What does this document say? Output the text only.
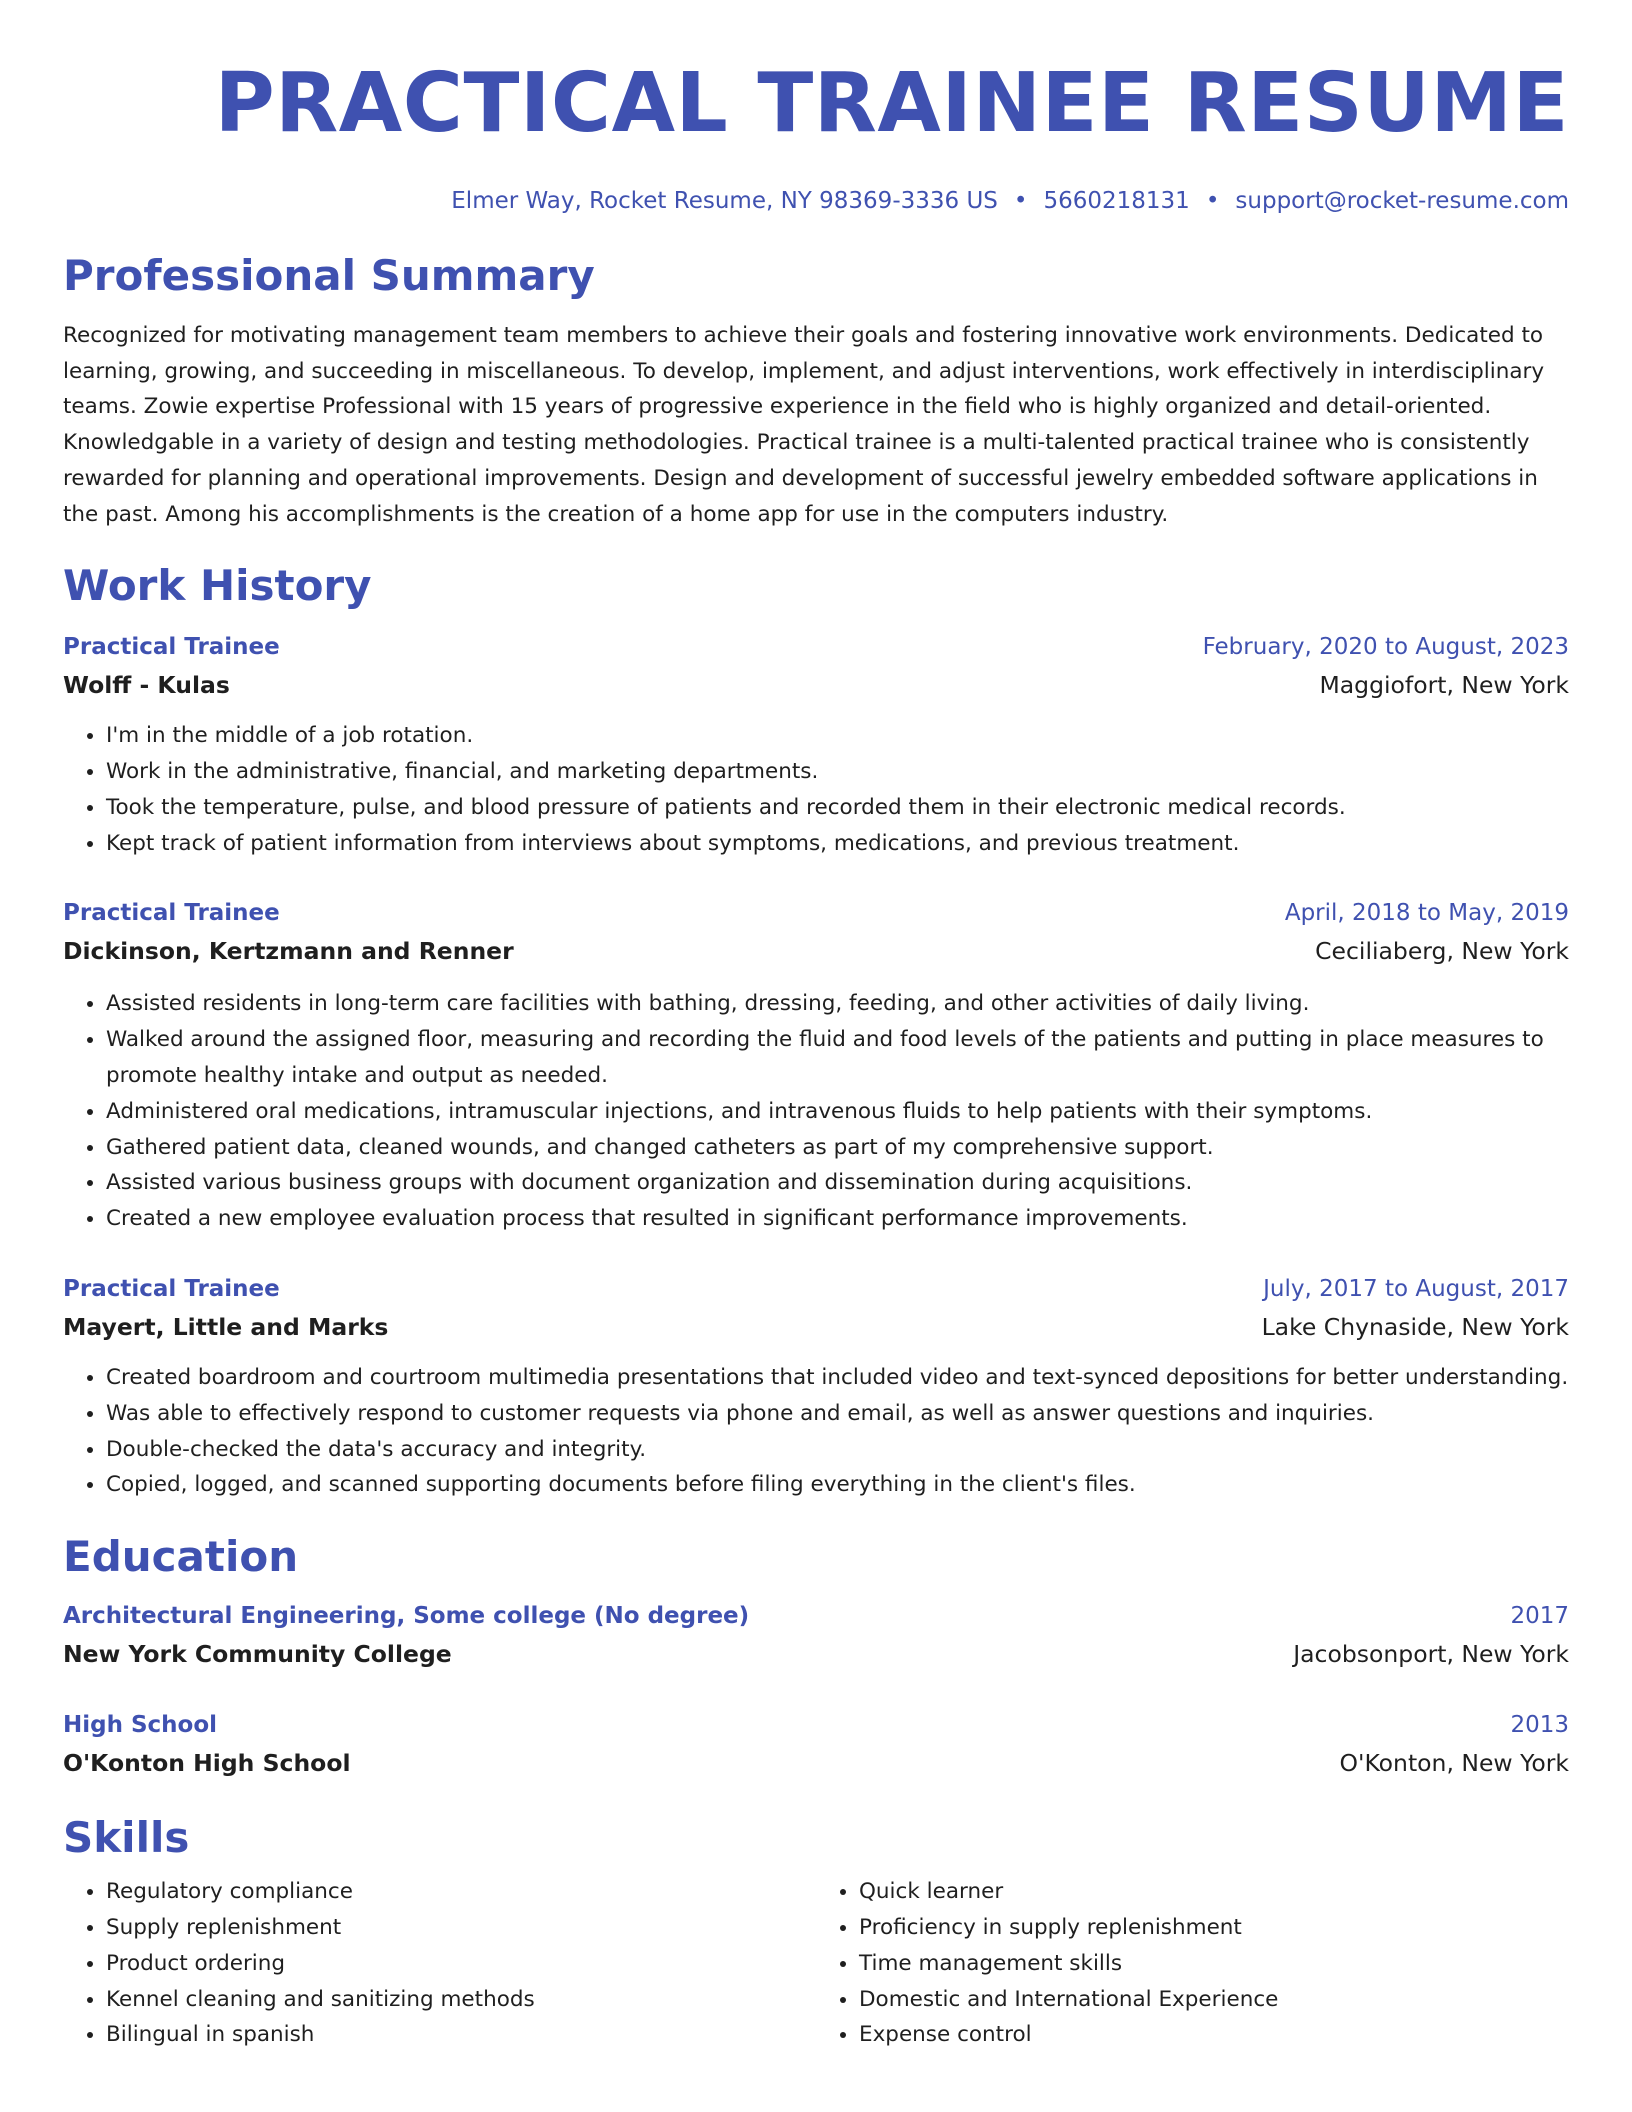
PRACTICAL TRAINEE RESUME
Elmer Way, Rocket Resume, NY 98369-3336 US • 5660218131 • support@rocket-resume.com
Professional Summary
Recognized for motivating management team members to achieve their goals and fostering innovative work environments. Dedicated to learning, growing, and succeeding in miscellaneous. To develop, implement, and adjust interventions, work effectively in interdisciplinary teams. Zowie expertise Professional with 15 years of progressive experience in the field who is highly organized and detail-oriented. Knowledgable in a variety of design and testing methodologies. Practical trainee is a multi-talented practical trainee who is consistently rewarded for planning and operational improvements. Design and development of successful jewelry embedded software applications in the past. Among his accomplishments is the creation of a home app for use in the computers industry.
Work History
Practical Trainee	February, 2020 to August, 2023
Wolff - Kulas	Maggiofort, New York
• I'm in the middle of a job rotation.
• Work in the administrative, financial, and marketing departments.
• Took the temperature, pulse, and blood pressure of patients and recorded them in their electronic medical records.
• Kept track of patient information from interviews about symptoms, medications, and previous treatment.
Practical Trainee	April, 2018 to May, 2019
Dickinson, Kertzmann and Renner	Ceciliaberg, New York
• Assisted residents in long-term care facilities with bathing, dressing, feeding, and other activities of daily living.
• Walked around the assigned floor, measuring and recording the fluid and food levels of the patients and putting in place measures to promote healthy intake and output as needed.
• Administered oral medications, intramuscular injections, and intravenous fluids to help patients with their symptoms.
• Gathered patient data, cleaned wounds, and changed catheters as part of my comprehensive support.
• Assisted various business groups with document organization and dissemination during acquisitions.
• Created a new employee evaluation process that resulted in significant performance improvements.
Practical Trainee	July, 2017 to August, 2017
Mayert, Little and Marks	Lake Chynaside, New York
• Created boardroom and courtroom multimedia presentations that included video and text-synced depositions for better understanding.
• Was able to effectively respond to customer requests via phone and email, as well as answer questions and inquiries.
• Double-checked the data's accuracy and integrity.
• Copied, logged, and scanned supporting documents before filing everything in the client's files.
Education
Architectural Engineering, Some college (No degree)	2017
New York Community College	Jacobsonport, New York
High School	2013
O'Konton High School	O'Konton, New York
Skills
• Regulatory compliance
• Supply replenishment
• Product ordering
• Kennel cleaning and sanitizing methods
• Bilingual in spanish
• Quick learner
• Proficiency in supply replenishment
• Time management skills
• Domestic and International Experience
• Expense control
